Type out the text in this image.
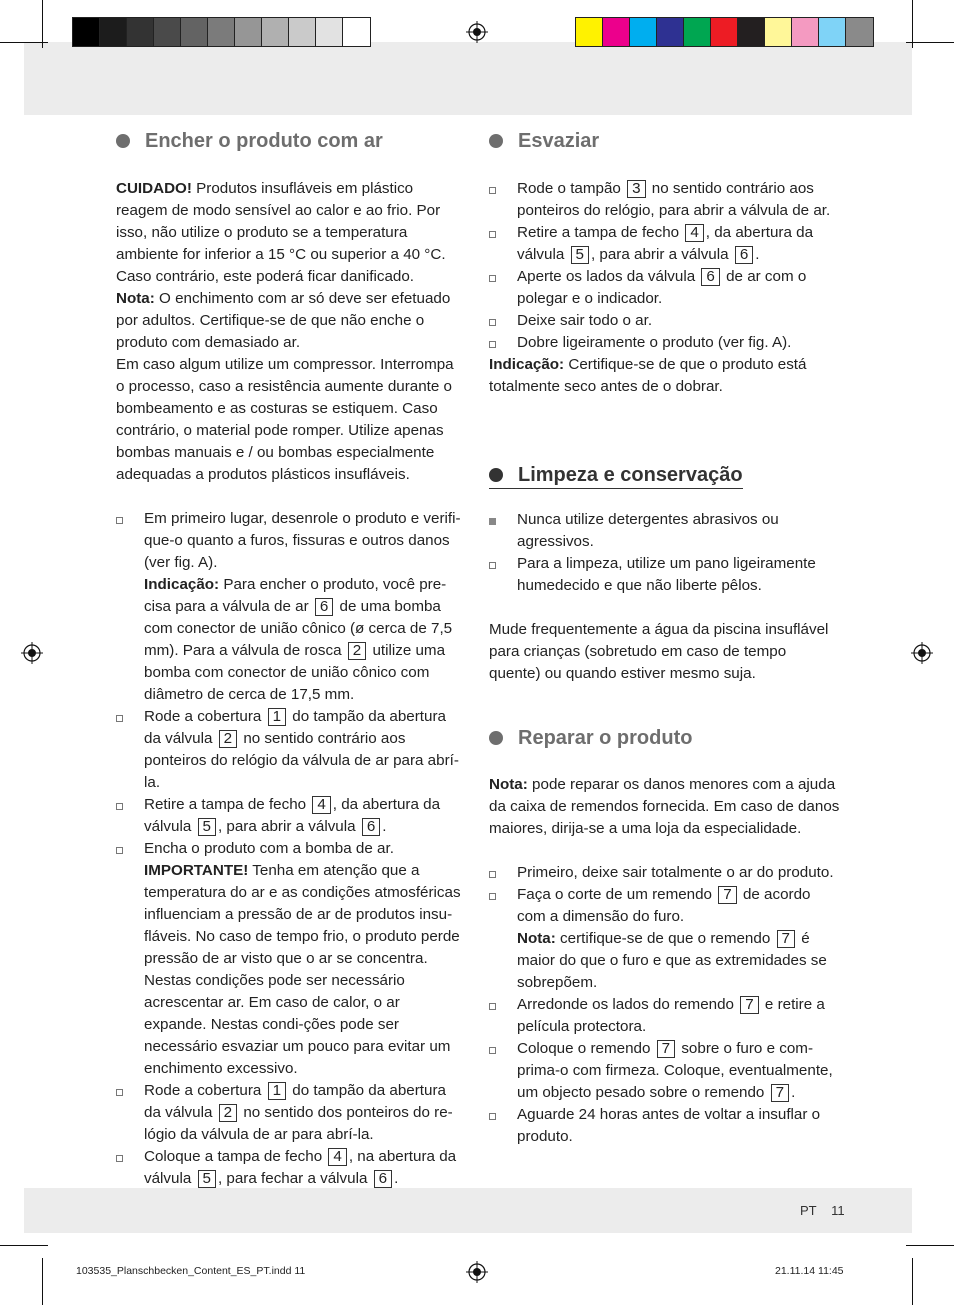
Encher o produto com ar

CUIDADO! Produtos insufláveis em plástico reagem de modo sensível ao calor e ao frio. Por isso, não utilize o produto se a temperatura ambiente for inferior a 15 °C ou superior a 40 °C. Caso contrário, este poderá ficar danificado.

Nota: O enchimento com ar só deve ser efetuado por adultos. Certifique-se de que não enche o produto com demasiado ar.

Em caso algum utilize um compressor. Interrompa o processo, caso a resistência aumente durante o bombeamento e as costuras se estiquem. Caso contrário, o material pode romper. Utilize apenas bombas manuais e / ou bombas especialmente adequadas a produtos plásticos insufláveis.

Em primeiro lugar, desenrole o produto e verifi-que-o quanto a furos, fissuras e outros danos (ver fig. A).
Indicação: Para encher o produto, você pre-cisa para a válvula de ar 6 de uma bomba com conector de união cônico (ø cerca de 7,5 mm). Para a válvula de rosca 2 utilize uma bomba com conector de união cônico com diâmetro de cerca de 17,5 mm.
Rode a cobertura 1 do tampão da abertura da válvula 2 no sentido contrário aos ponteiros do relógio da válvula de ar para abrí-la.
Retire a tampa de fecho 4 , da abertura da válvula 5 , para abrir a válvula 6 .
Encha o produto com a bomba de ar.
IMPORTANTE! Tenha em atenção que a temperatura do ar e as condições atmosféricas influenciam a pressão de ar de produtos insu-fláveis. No caso de tempo frio, o produto perde pressão de ar visto que o ar se concentra. Nestas condições pode ser necessário acrescentar ar. Em caso de calor, o ar expande. Nestas condi-ções pode ser necessário esvaziar um pouco para evitar um enchimento excessivo.
Rode a cobertura 1 do tampão da abertura da válvula 2 no sentido dos ponteiros do re-lógio da válvula de ar para abrí-la.
Coloque a tampa de fecho 4 , na abertura da válvula 5 , para fechar a válvula 6 .
Esvaziar
Rode o tampão 3 no sentido contrário aos ponteiros do relógio, para abrir a válvula de ar.
Retire a tampa de fecho 4 , da abertura da válvula 5 , para abrir a válvula 6 .
Aperte os lados da válvula 6 de ar com o polegar e o indicador.
Deixe sair todo o ar.
Dobre ligeiramente o produto (ver fig. A).

Indicação: Certifique-se de que o produto está totalmente seco antes de o dobrar.

Limpeza e conservação
Nunca utilize detergentes abrasivos ou agressivos.
Para a limpeza, utilize um pano ligeiramente humedecido e que não liberte pêlos.

Mude frequentemente a água da piscina insuflável para crianças (sobretudo em caso de tempo quente) ou quando estiver mesmo suja.

Reparar o produto

Nota: pode reparar os danos menores com a ajuda da caixa de remendos fornecida. Em caso de danos maiores, dirija-se a uma loja da especialidade.

Primeiro, deixe sair totalmente o ar do produto.
Faça o corte de um remendo 7 de acordo com a dimensão do furo.
Nota: certifique-se de que o remendo 7 é maior do que o furo e que as extremidades se sobrepõem.
Arredonde os lados do remendo 7 e retire a película protectora.
Coloque o remendo 7 sobre o furo e com-prima-o com firmeza. Coloque, eventualmente, um objecto pesado sobre o remendo 7 .
Aguarde 24 horas antes de voltar a insuflar o produto.
PT 11
103535_Planschbecken_Content_ES_PT.indd 11	21.11.14 11:45
